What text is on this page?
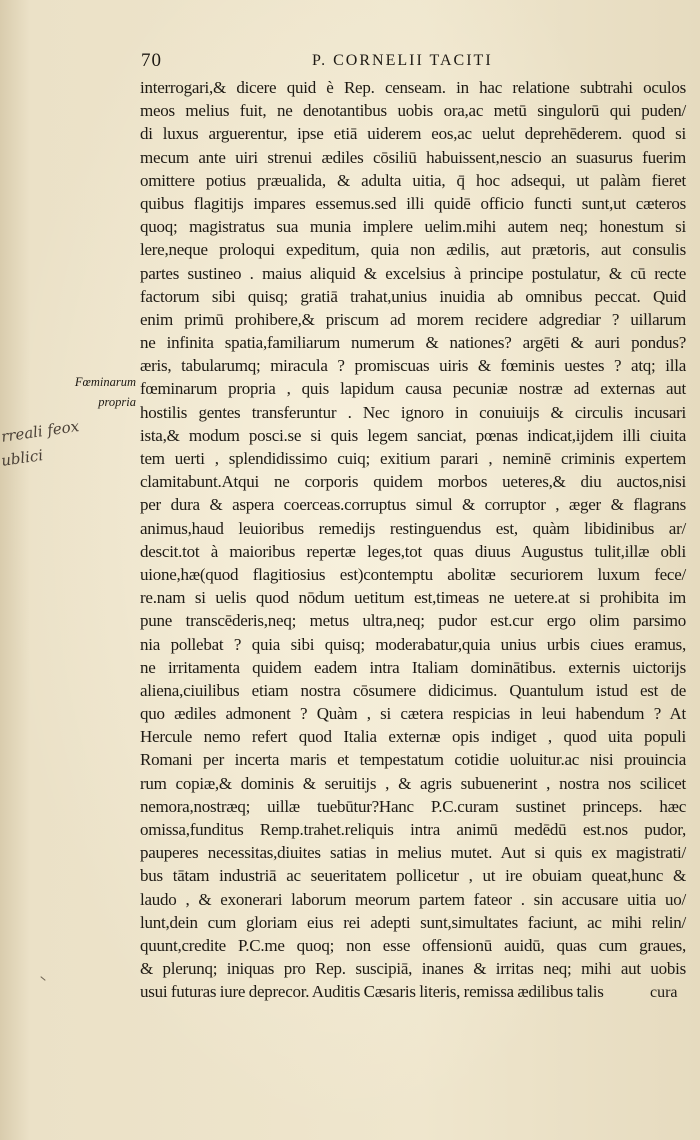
70	P. CORNELII TACITI
Fœminarum
propria
rreali feox
ublici
interrogari,& dicere quid è Rep. censeam. in hac relatione subtrahi oculos
meos melius fuit, ne denotantibus uobis ora,ac metū singulorū qui puden/
di luxus arguerentur, ipse etiā uiderem eos,ac uelut deprehēderem. quod si
mecum ante uiri strenui ædiles cōsiliū habuissent,nescio an suasurus fuerim
omittere potius præualida, & adulta uitia, q̄ hoc adsequi, ut palàm fieret
quibus flagitijs impares essemus.sed illi quidē officio functi sunt,ut cæteros
quoq; magistratus sua munia implere uelim.mihi autem neq; honestum si
lere,neque proloqui expeditum, quia non ædilis, aut prætoris, aut consulis
partes sustineo . maius aliquid & excelsius à principe postulatur, & cū recte
factorum sibi quisq; gratiā trahat,unius inuidia ab omnibus peccat. Quid
enim primū prohibere,& priscum ad morem recidere adgrediar ? uillarum
ne infinita spatia,familiarum numerum & nationes? argēti & auri pondus?
æris, tabularumq; miracula ? promiscuas uiris & fœminis uestes ? atq; illa
fœminarum propria , quis lapidum causa pecuniæ nostræ ad externas aut
hostilis gentes transferuntur . Nec ignoro in conuiuijs & circulis incusari
ista,& modum posci.se si quis legem sanciat, pœnas indicat,ijdem illi ciuita
tem uerti , splendidissimo cuiq; exitium parari , neminē criminis expertem
clamitabunt.Atqui ne corporis quidem morbos ueteres,& diu auctos,nisi
per dura & aspera coerceas.corruptus simul & corruptor , æger & flagrans
animus,haud leuioribus remedijs restinguendus est, quàm libidinibus ar/
descit.tot à maioribus repertæ leges,tot quas diuus Augustus tulit,illæ obli
uione,hæ(quod flagitiosius est)contemptu abolitæ securiorem luxum fece/
re.nam si uelis quod nōdum uetitum est,timeas ne uetere.at si prohibita im
pune transcēderis,neq; metus ultra,neq; pudor est.cur ergo olim parsimo
nia pollebat ? quia sibi quisq; moderabatur,quia unius urbis ciues eramus,
ne irritamenta quidem eadem intra Italiam dominātibus. externis uictorijs
aliena,ciuilibus etiam nostra cōsumere didicimus. Quantulum istud est de
quo ædiles admonent ? Quàm , si cætera respicias in leui habendum ? At
Hercule nemo refert quod Italia externæ opis indiget , quod uita populi
Romani per incerta maris et tempestatum cotidie uoluitur.ac nisi prouincia
rum copiæ,& dominis & seruitijs , & agris subuenerint , nostra nos scilicet
nemora,nostræq; uillæ tuebūtur?Hanc P.C.curam sustinet princeps. hæc
omissa,funditus Remp.trahet.reliquis intra animū medēdū est.nos pudor,
pauperes necessitas,diuites satias in melius mutet. Aut si quis ex magistrati/
bus tātam industriā ac seueritatem pollicetur , ut ire obuiam queat,hunc &
laudo , & exonerari laborum meorum partem fateor . sin accusare uitia uo/
lunt,dein cum gloriam eius rei adepti sunt,simultates faciunt, ac mihi relin/
quunt,credite P.C.me quoq; non esse offensionū auidū, quas cum graues,
& plerunq; iniquas pro Rep. suscipiā, inanes & irritas neq; mihi aut uobis
usui futuras iure deprecor. Auditis Cæsaris literis, remissa ædilibus talis	cura
